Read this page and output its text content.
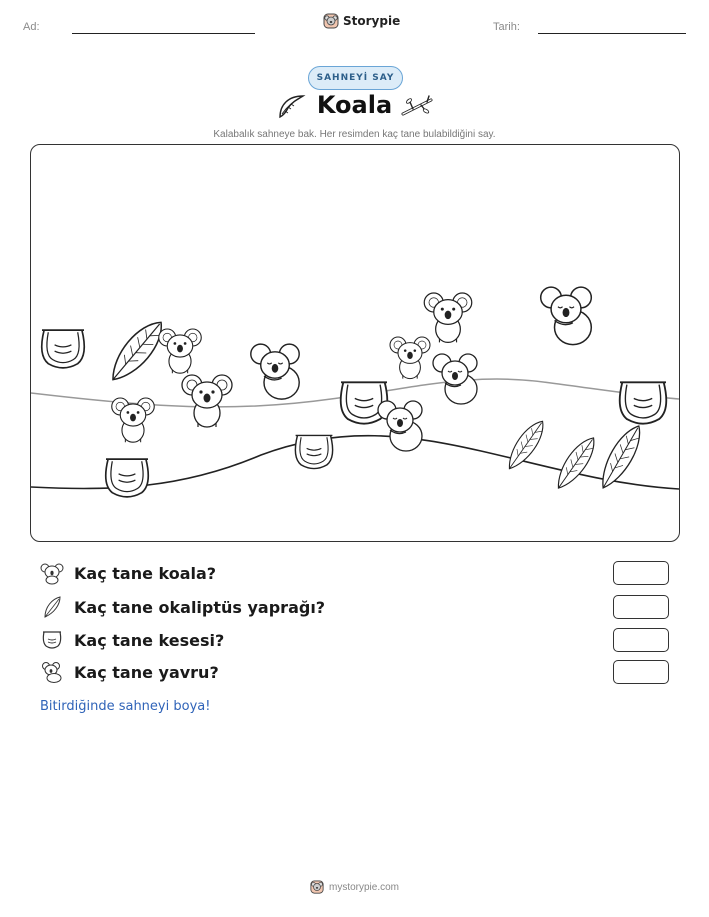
Ad:	Storypie	Tarih:
SAHNEYİ SAY
Koala
Kalabalık sahneye bak. Her resimden kaç tane bulabildiğini say.
Kaç tane koala?
Kaç tane okaliptüs yaprağı?
Kaç tane kesesi?
Kaç tane yavru?
Bitirdiğinde sahneyi boya!
mystorypie.com
